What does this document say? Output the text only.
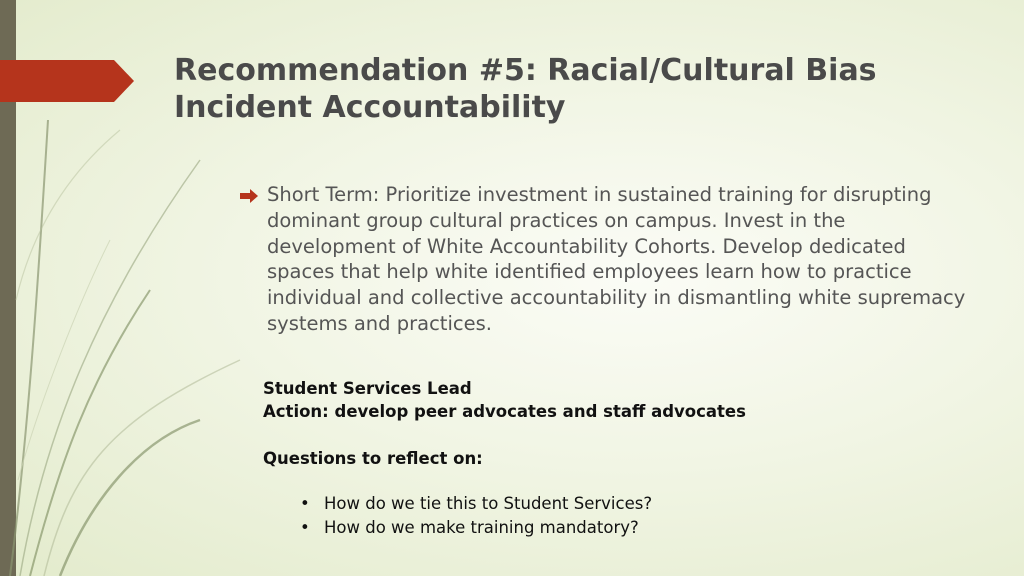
Recommendation #5: Racial/Cultural Bias
Incident Accountability
Short Term: Prioritize investment in sustained training for disrupting dominant group cultural practices on campus. Invest in the development of White Accountability Cohorts. Develop dedicated spaces that help white identified employees learn how to practice individual and collective accountability in dismantling white supremacy systems and practices.
Student Services Lead
Action: develop peer advocates and staff advocates
Questions to reflect on:
• How do we tie this to Student Services?
• How do we make training mandatory?
